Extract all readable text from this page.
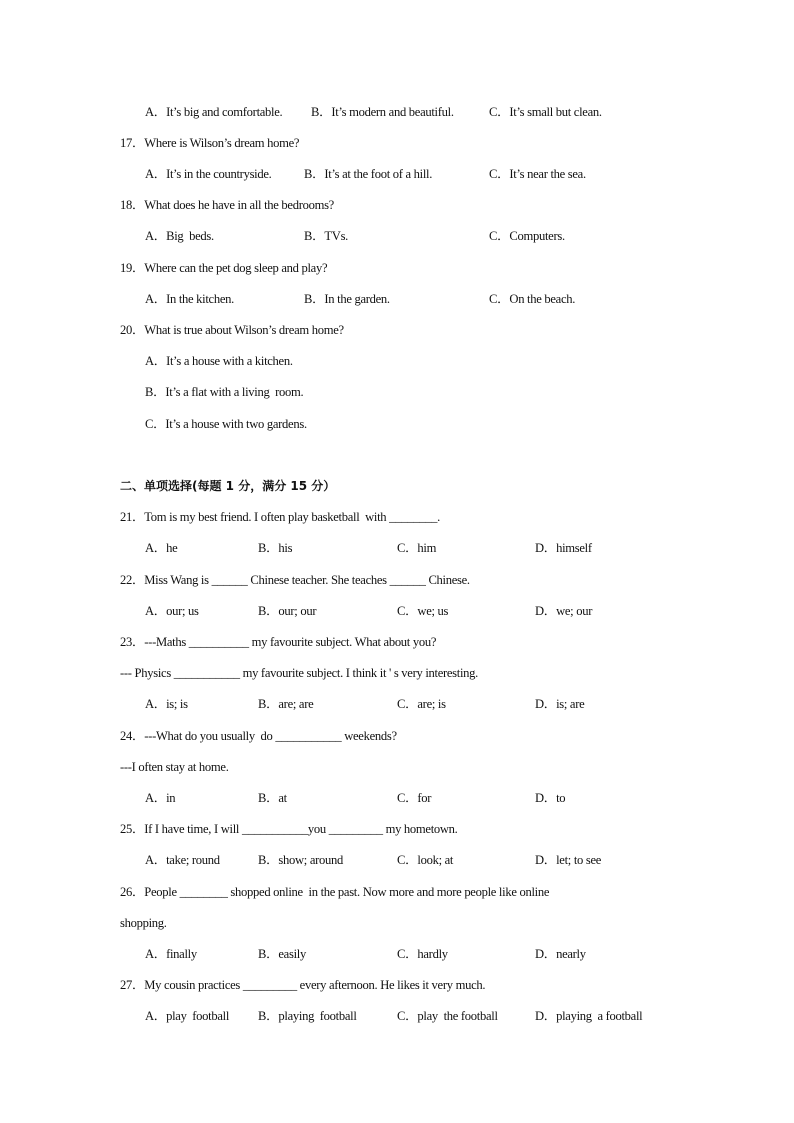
A．It’s big and comfortable. B．It’s modern and beautiful.	C．It’s small but clean.
17．Where is Wilson’s dream home?
A．It’s in the countryside.	B．It’s at the foot of a hill.	C．It’s near the sea.
18．What does he have in all the bedrooms?
A．Big  beds.	B．TVs.	C．Computers.
19．Where can the pet dog sleep and play?
A．In the kitchen.	B．In the garden.	C．On the beach.
20．What is true about Wilson’s dream home?
A．It’s a house with a kitchen.
B．It’s a flat with a living  room.
C．It’s a house with two gardens.
二、单项选择(每题 1 分，满分 15 分）
21．Tom is my best friend. I often play basketball  with ________.
A．he	B．his	C．him	D．himself
22．Miss Wang is ______ Chinese teacher. She teaches ______ Chinese.
A．our; us	B．our; our	C．we; us	D．we; our
23．---Maths __________ my favourite subject. What about you?
--- Physics ___________ my favourite subject. I think it ' s very interesting.
A．is; is	B．are; are	C．are; is	D．is; are
24．---What do you usually  do ___________ weekends?
---I often stay at home.
A．in	B．at	C．for	D．to
25．If I have time, I will ___________you _________ my hometown.
A．take; round	B．show; around	C．look; at	D．let; to see
26．People ________ shopped online  in the past. Now more and more people like online
shopping.
A．finally	B．easily	C．hardly	D．nearly
27．My cousin practices _________ every afternoon. He likes it very much.
A．play  football B．playing  football	C．play  the football	D．playing  a football
